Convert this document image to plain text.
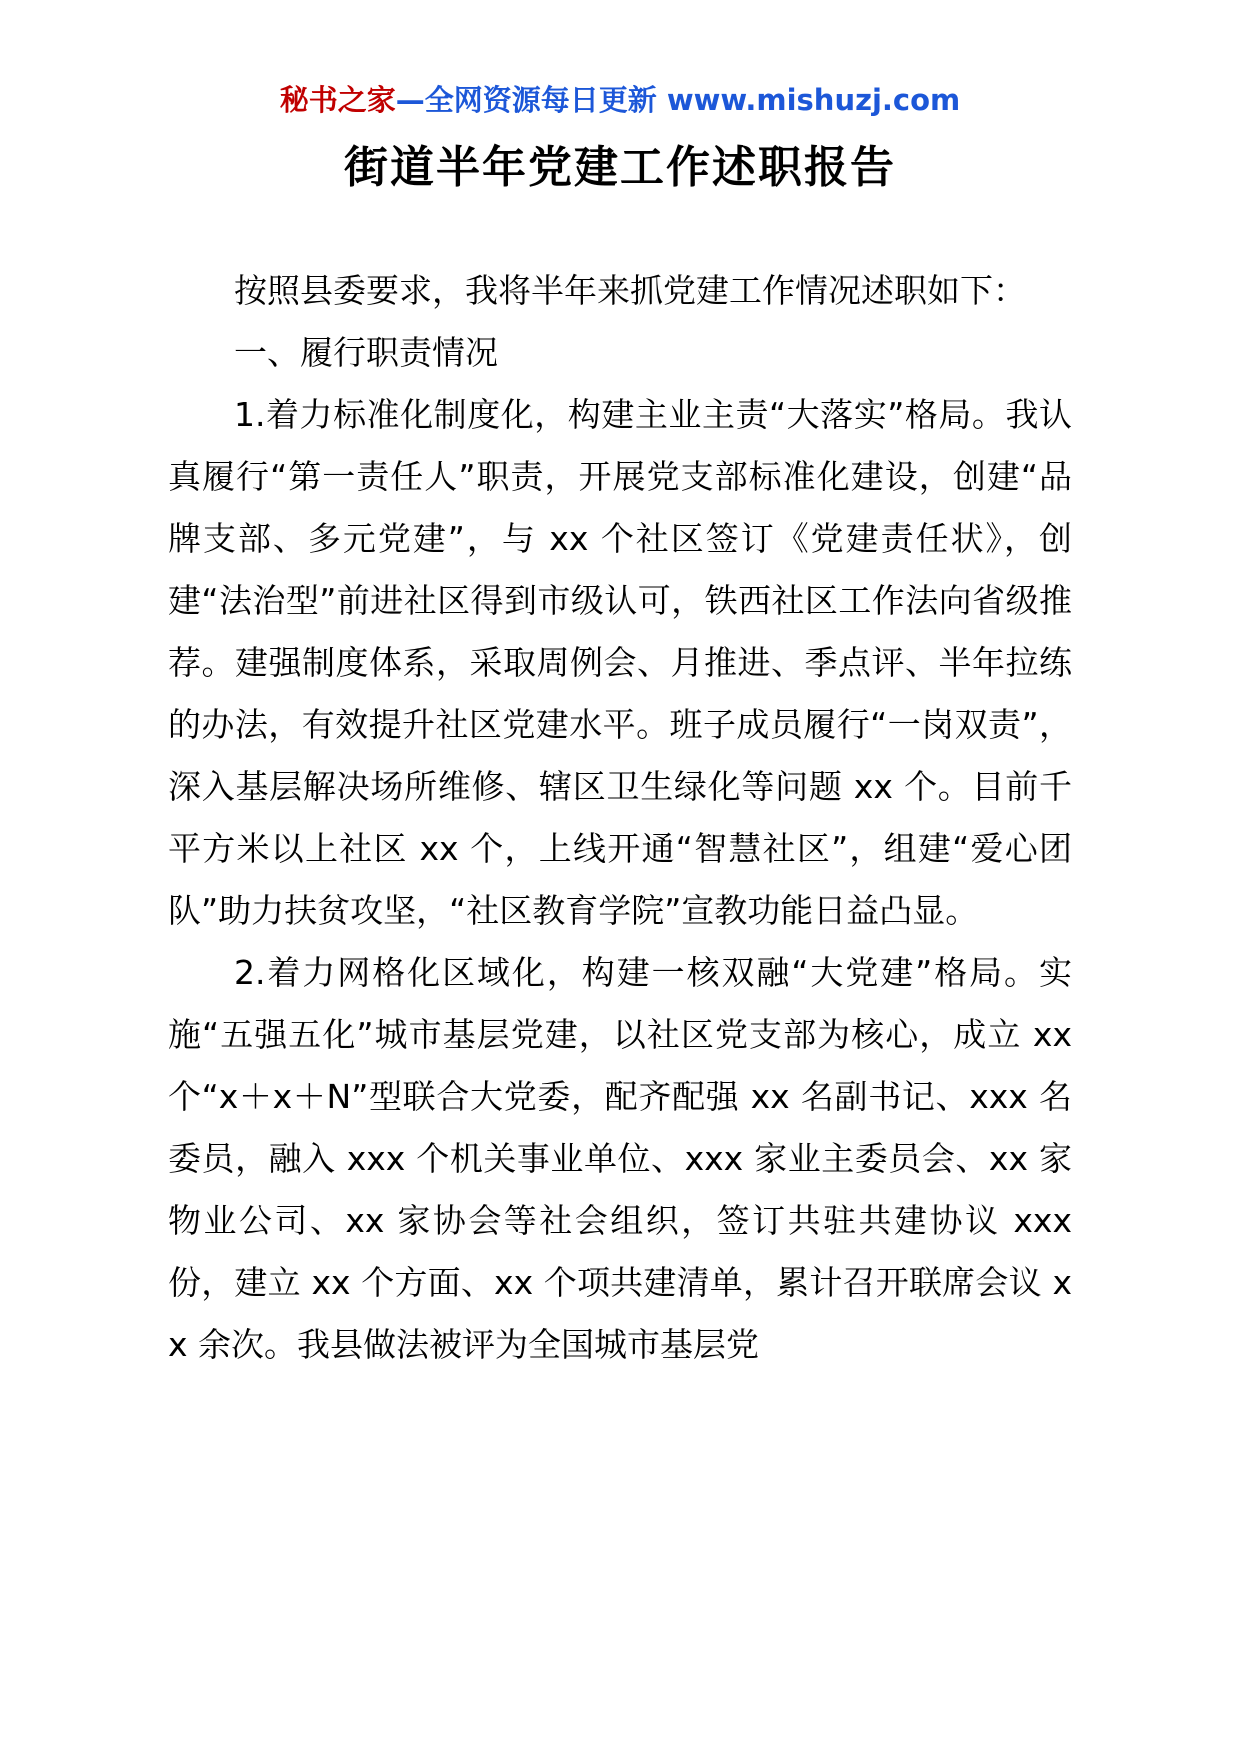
秘书之家—全网资源每日更新 www.mishuzj.com
街道半年党建工作述职报告

按照县委要求，我将半年来抓党建工作情况述职如下：

一、履行职责情况

1.着力标准化制度化，构建主业主责“大落实”格局。我认真履行“第一责任人”职责，开展党支部标准化建设，创建“品牌支部、多元党建”，与 xx 个社区签订《党建责任状》，创建“法治型”前进社区得到市级认可，铁西社区工作法向省级推荐。建强制度体系，采取周例会、月推进、季点评、半年拉练的办法，有效提升社区党建水平。班子成员履行“一岗双责”，深入基层解决场所维修、辖区卫生绿化等问题 xx 个。目前千平方米以上社区 xx 个，上线开通“智慧社区”，组建“爱心团队”助力扶贫攻坚，“社区教育学院”宣教功能日益凸显。

2.着力网格化区域化，构建一核双融“大党建”格局。实施“五强五化”城市基层党建，以社区党支部为核心，成立 xx 个“x＋x＋N”型联合大党委，配齐配强 xx 名副书记、xxx 名委员，融入 xxx 个机关事业单位、xxx 家业主委员会、xx 家物业公司、xx 家协会等社会组织，签订共驻共建协议 xxx 份，建立 xx 个方面、xx 个项共建清单，累计召开联席会议 xx 余次。我县做法被评为全国城市基层党
